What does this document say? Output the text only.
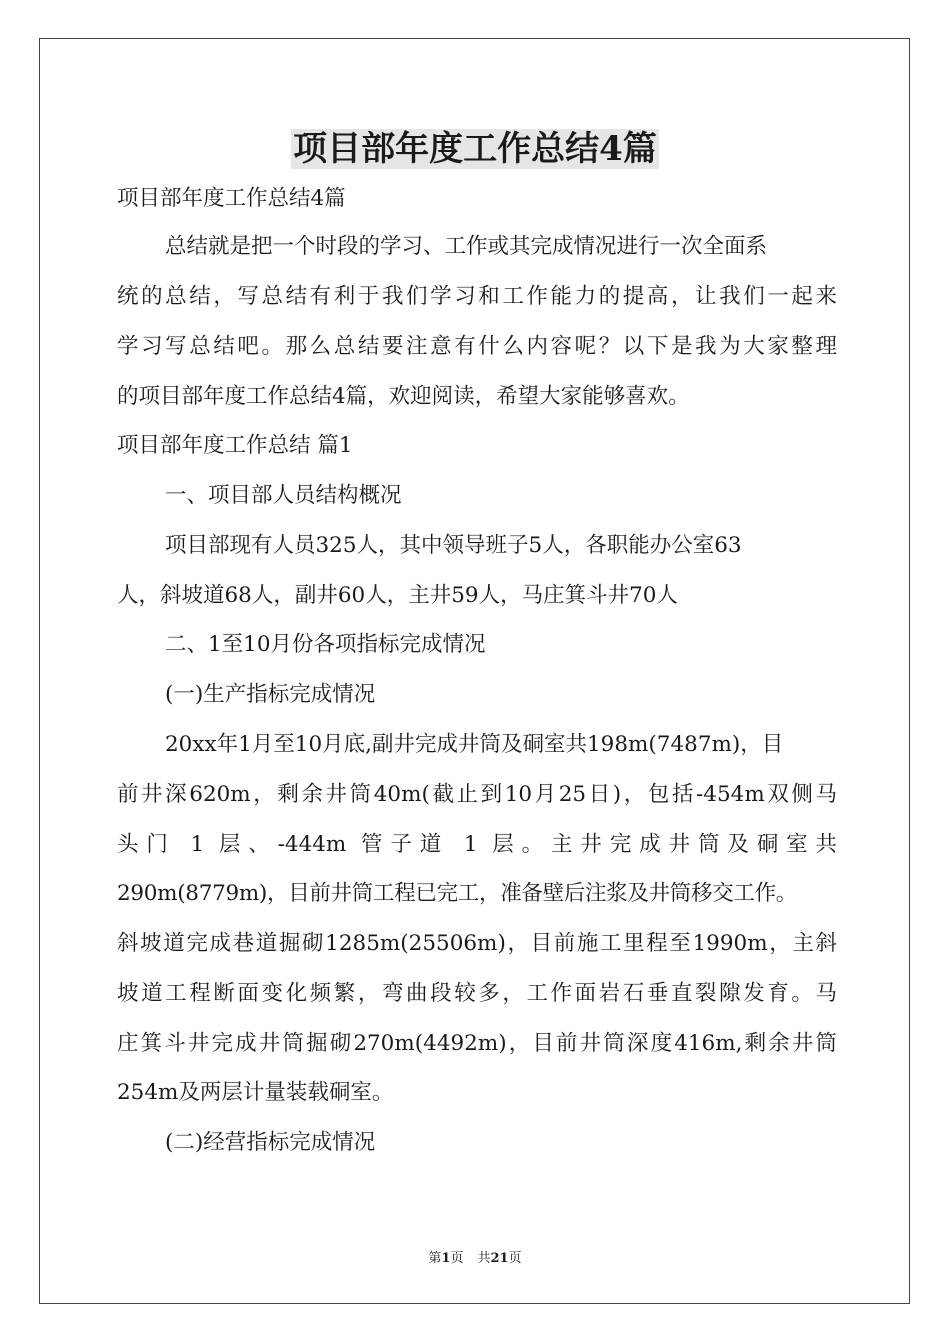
项目部年度工作总结4篇
项目部年度工作总结4篇
总结就是把一个时段的学习、工作或其完成情况进行一次全面系
统的总结，写总结有利于我们学习和工作能力的提高，让我们一起来
学习写总结吧。那么总结要注意有什么内容呢？以下是我为大家整理
的项目部年度工作总结4篇，欢迎阅读，希望大家能够喜欢。
项目部年度工作总结 篇1
一、项目部人员结构概况
项目部现有人员325人，其中领导班子5人，各职能办公室63
人，斜坡道68人，副井60人，主井59人，马庄箕斗井70人
二、1至10月份各项指标完成情况
(一)生产指标完成情况
20xx年1月至10月底,副井完成井筒及硐室共198m(7487m)，目
前井深620m，剩余井筒40m(截止到10月25日)，包括-454m双侧马
头门 1 层、-444m 管子道 1 层。主井完成井筒及硐室共
290m(8779m)，目前井筒工程已完工，准备壁后注浆及井筒移交工作。
斜坡道完成巷道掘砌1285m(25506m)，目前施工里程至1990m，主斜
坡道工程断面变化频繁，弯曲段较多，工作面岩石垂直裂隙发育。马
庄箕斗井完成井筒掘砌270m(4492m)，目前井筒深度416m,剩余井筒
254m及两层计量装载硐室。
(二)经营指标完成情况
第1页 共21页
